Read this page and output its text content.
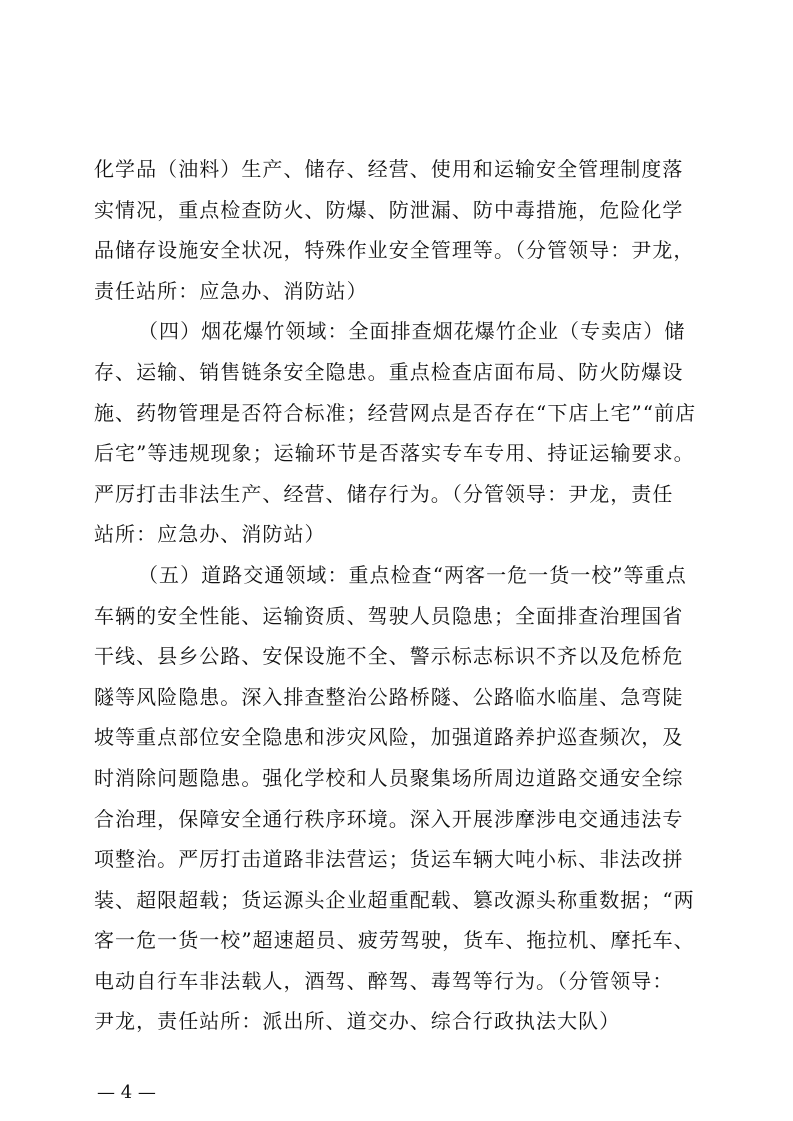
化学品（油料）生产、储存、经营、使用和运输安全管理制度落
实情况，重点检查防火、防爆、防泄漏、防中毒措施，危险化学
品储存设施安全状况，特殊作业安全管理等。（分管领导：尹龙，
责任站所：应急办、消防站）
（四）烟花爆竹领域：全面排查烟花爆竹企业（专卖店）储
存、运输、销售链条安全隐患。重点检查店面布局、防火防爆设
施、药物管理是否符合标准；经营网点是否存在“下店上宅”“前店
后宅”等违规现象；运输环节是否落实专车专用、持证运输要求。
严厉打击非法生产、经营、储存行为。（分管领导：尹龙，责任
站所：应急办、消防站）
（五）道路交通领域：重点检查“两客一危一货一校”等重点
车辆的安全性能、运输资质、驾驶人员隐患；全面排查治理国省
干线、县乡公路、安保设施不全、警示标志标识不齐以及危桥危
隧等风险隐患。深入排查整治公路桥隧、公路临水临崖、急弯陡
坡等重点部位安全隐患和涉灾风险，加强道路养护巡查频次，及
时消除问题隐患。强化学校和人员聚集场所周边道路交通安全综
合治理，保障安全通行秩序环境。深入开展涉摩涉电交通违法专
项整治。严厉打击道路非法营运；货运车辆大吨小标、非法改拼
装、超限超载；货运源头企业超重配载、篡改源头称重数据；“两
客一危一货一校”超速超员、疲劳驾驶，货车、拖拉机、摩托车、
电动自行车非法载人，酒驾、醉驾、毒驾等行为。（分管领导：
尹龙，责任站所：派出所、道交办、综合行政执法大队）
— 4 —
